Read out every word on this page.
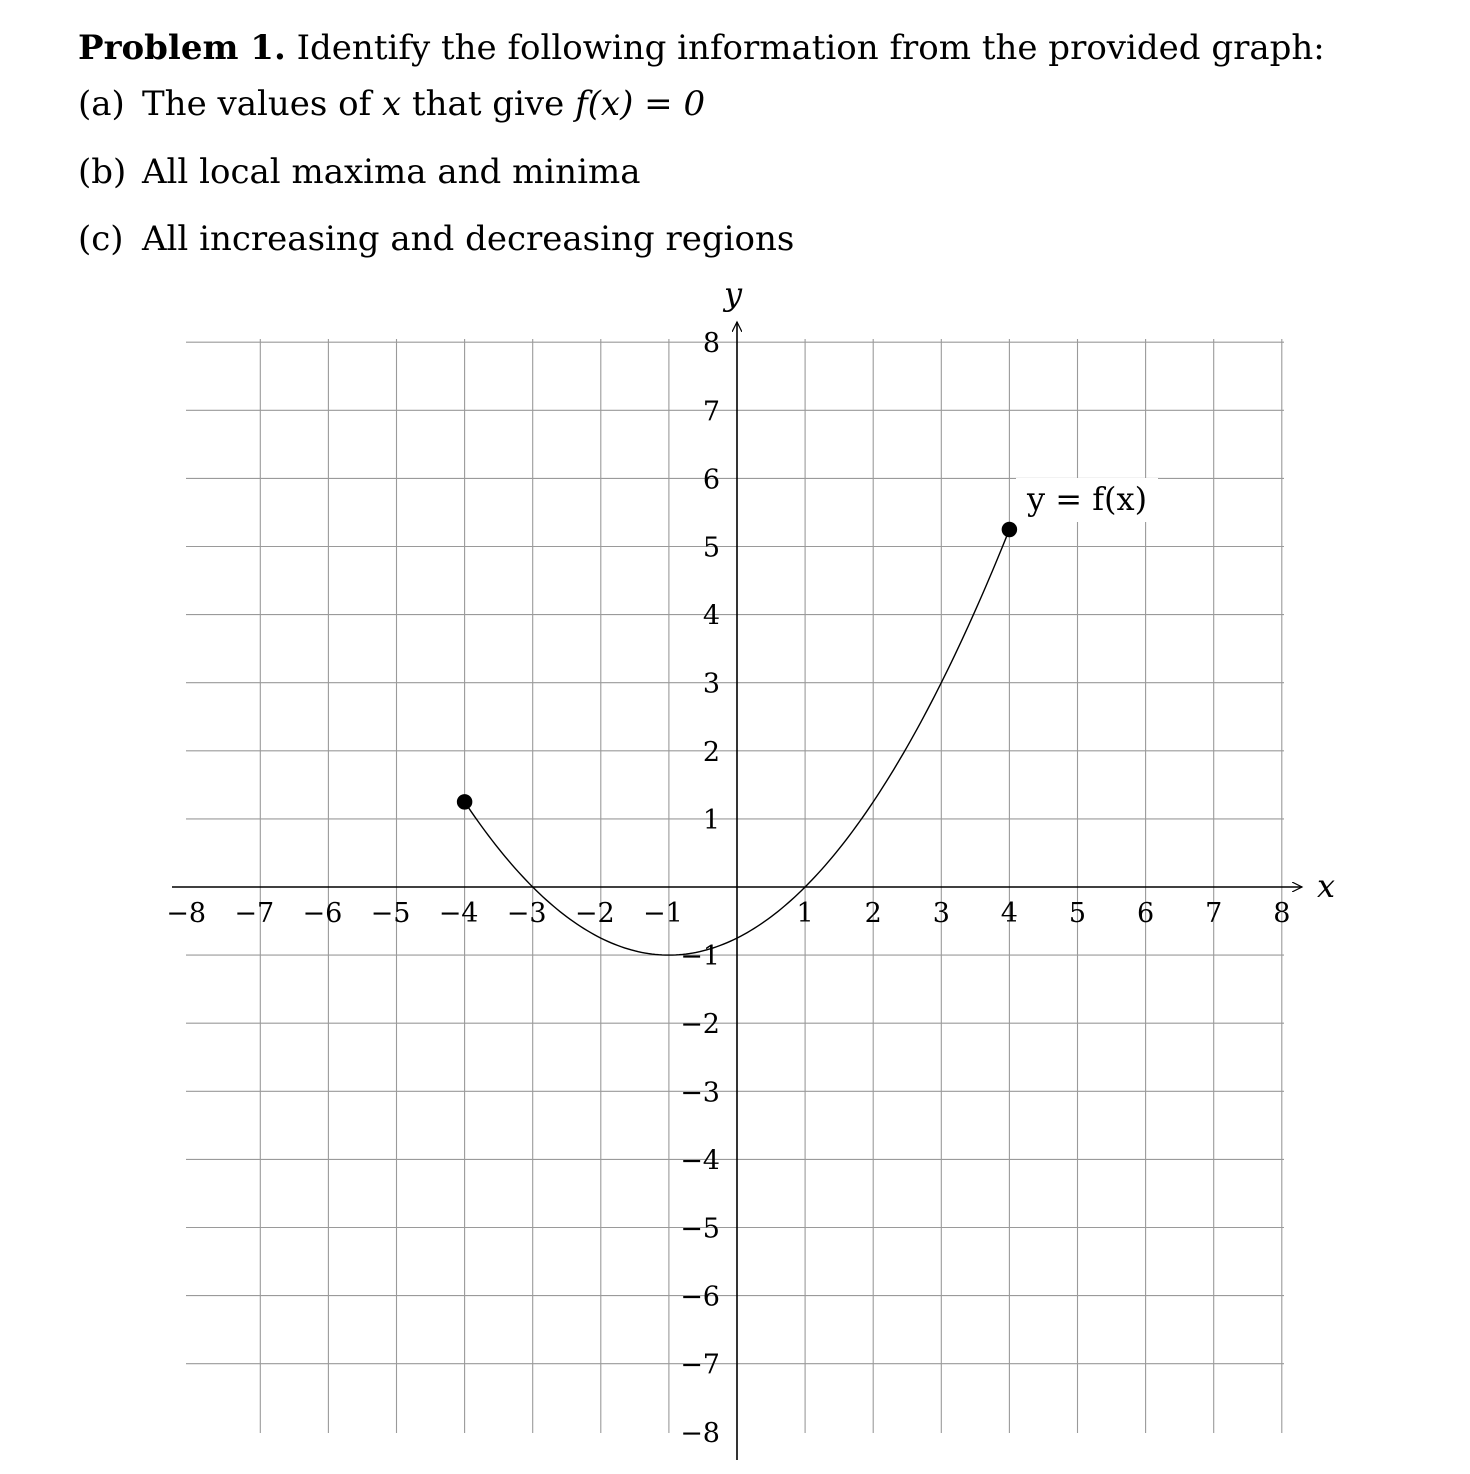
Problem 1. Identify the following information from the provided graph:
(a) The values of x that give f(x) = 0
(b) All local maxima and minima
(c) All increasing and decreasing regions
−8 −7 −6 −5 −4 −3 −2 −1	1 2 3 4 5 6 7 8
8
7
6
5
4
3
2
1
−1
−2
−3
−4
−5
−6
−7
−8
x
y
y = f(x)
